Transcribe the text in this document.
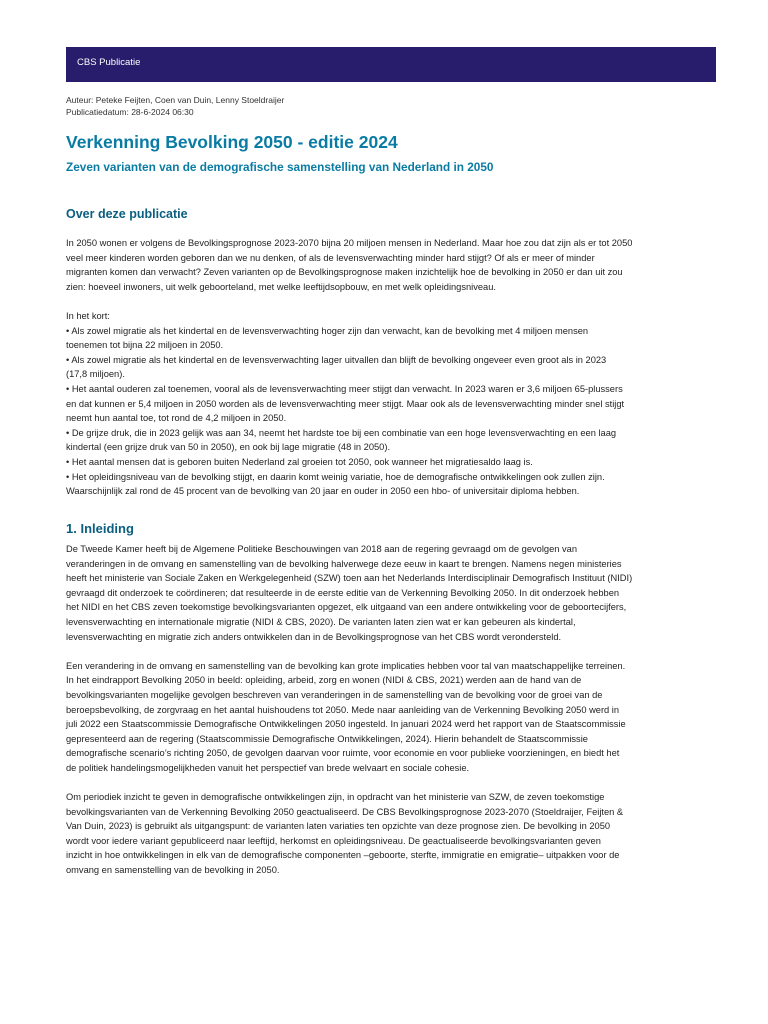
CBS Publicatie
Auteur: Peteke Feijten, Coen van Duin, Lenny Stoeldraijer
Publicatiedatum: 28-6-2024 06:30
Verkenning Bevolking 2050 - editie 2024
Zeven varianten van de demografische samenstelling van Nederland in 2050
Over deze publicatie
In 2050 wonen er volgens de Bevolkingsprognose 2023-2070 bijna 20 miljoen mensen in Nederland. Maar hoe zou dat zijn als er tot 2050
veel meer kinderen worden geboren dan we nu denken, of als de levensverwachting minder hard stijgt? Of als er meer of minder
migranten komen dan verwacht? Zeven varianten op de Bevolkingsprognose maken inzichtelijk hoe de bevolking in 2050 er dan uit zou
zien: hoeveel inwoners, uit welk geboorteland, met welke leeftijdsopbouw, en met welk opleidingsniveau.
In het kort:
• Als zowel migratie als het kindertal en de levensverwachting hoger zijn dan verwacht, kan de bevolking met 4 miljoen mensen
toenemen tot bijna 22 miljoen in 2050.
• Als zowel migratie als het kindertal en de levensverwachting lager uitvallen dan blijft de bevolking ongeveer even groot als in 2023
(17,8 miljoen).
• Het aantal ouderen zal toenemen, vooral als de levensverwachting meer stijgt dan verwacht. In 2023 waren er 3,6 miljoen 65-plussers
en dat kunnen er 5,4 miljoen in 2050 worden als de levensverwachting meer stijgt. Maar ook als de levensverwachting minder snel stijgt
neemt hun aantal toe, tot rond de 4,2 miljoen in 2050.
• De grijze druk, die in 2023 gelijk was aan 34, neemt het hardste toe bij een combinatie van een hoge levensverwachting en een laag
kindertal (een grijze druk van 50 in 2050), en ook bij lage migratie (48 in 2050).
• Het aantal mensen dat is geboren buiten Nederland zal groeien tot 2050, ook wanneer het migratiesaldo laag is.
• Het opleidingsniveau van de bevolking stijgt, en daarin komt weinig variatie, hoe de demografische ontwikkelingen ook zullen zijn.
Waarschijnlijk zal rond de 45 procent van de bevolking van 20 jaar en ouder in 2050 een hbo- of universitair diploma hebben.
1. Inleiding
De Tweede Kamer heeft bij de Algemene Politieke Beschouwingen van 2018 aan de regering gevraagd om de gevolgen van
veranderingen in de omvang en samenstelling van de bevolking halverwege deze eeuw in kaart te brengen. Namens negen ministeries
heeft het ministerie van Sociale Zaken en Werkgelegenheid (SZW) toen aan het Nederlands Interdisciplinair Demografisch Instituut (NIDI)
gevraagd dit onderzoek te coördineren; dat resulteerde in de eerste editie van de Verkenning Bevolking 2050. In dit onderzoek hebben
het NIDI en het CBS zeven toekomstige bevolkingsvarianten opgezet, elk uitgaand van een andere ontwikkeling voor de geboortecijfers,
levensverwachting en internationale migratie (NIDI & CBS, 2020). De varianten laten zien wat er kan gebeuren als kindertal,
levensverwachting en migratie zich anders ontwikkelen dan in de Bevolkingsprognose van het CBS wordt verondersteld.
Een verandering in de omvang en samenstelling van de bevolking kan grote implicaties hebben voor tal van maatschappelijke terreinen.
In het eindrapport Bevolking 2050 in beeld: opleiding, arbeid, zorg en wonen (NIDI & CBS, 2021) werden aan de hand van de
bevolkingsvarianten mogelijke gevolgen beschreven van veranderingen in de samenstelling van de bevolking voor de groei van de
beroepsbevolking, de zorgvraag en het aantal huishoudens tot 2050. Mede naar aanleiding van de Verkenning Bevolking 2050 werd in
juli 2022 een Staatscommissie Demografische Ontwikkelingen 2050 ingesteld. In januari 2024 werd het rapport van de Staatscommissie
gepresenteerd aan de regering (Staatscommissie Demografische Ontwikkelingen, 2024). Hierin behandelt de Staatscommissie
demografische scenario’s richting 2050, de gevolgen daarvan voor ruimte, voor economie en voor publieke voorzieningen, en biedt het
de politiek handelingsmogelijkheden vanuit het perspectief van brede welvaart en sociale cohesie.
Om periodiek inzicht te geven in demografische ontwikkelingen zijn, in opdracht van het ministerie van SZW, de zeven toekomstige
bevolkingsvarianten van de Verkenning Bevolking 2050 geactualiseerd. De CBS Bevolkingsprognose 2023-2070 (Stoeldraijer, Feijten &
Van Duin, 2023) is gebruikt als uitgangspunt: de varianten laten variaties ten opzichte van deze prognose zien. De bevolking in 2050
wordt voor iedere variant gepubliceerd naar leeftijd, herkomst en opleidingsniveau. De geactualiseerde bevolkingsvarianten geven
inzicht in hoe ontwikkelingen in elk van de demografische componenten –geboorte, sterfte, immigratie en emigratie– uitpakken voor de
omvang en samenstelling van de bevolking in 2050.
